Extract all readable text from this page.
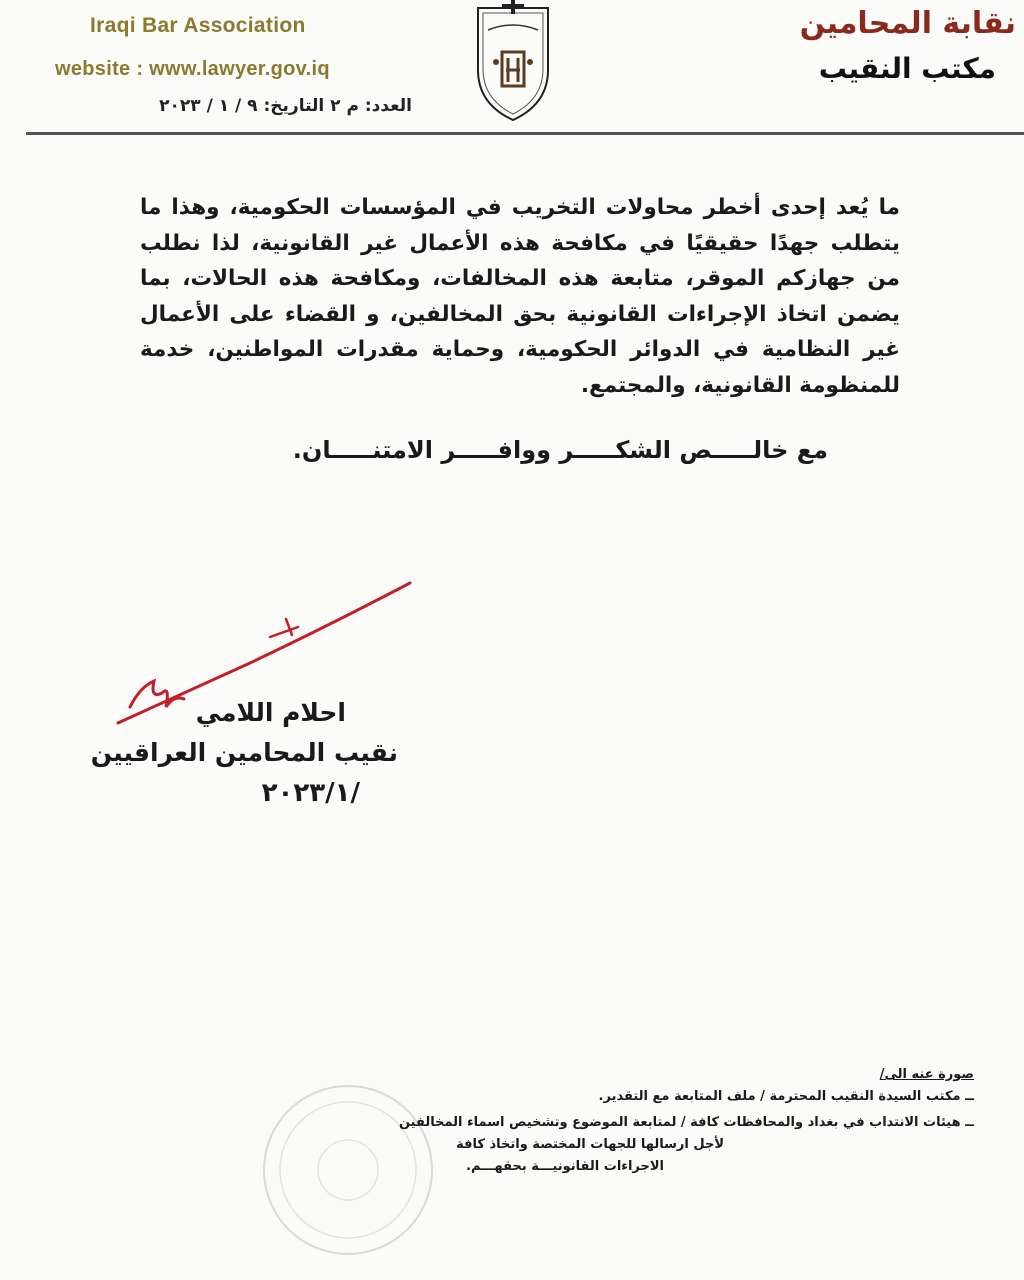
Iraqi Bar Association
website : www.lawyer.gov.iq
نقابة المحامين
مكتب النقيب
العدد: م ٢ التاريخ: ٩ / ١ / ٢٠٢٣
ما يُعد إحدى أخطر محاولات التخريب في المؤسسات الحكومية، وهذا ما يتطلب جهدًا حقيقيًا في مكافحة هذه الأعمال غير القانونية، لذا نطلب من جهازكم الموقر، متابعة هذه المخالفات، ومكافحة هذه الحالات، بما يضمن اتخاذ الإجراءات القانونية بحق المخالفين، و القضاء على الأعمال غير النظامية في الدوائر الحكومية، وحماية مقدرات المواطنين، خدمة للمنظومة القانونية، والمجتمع.
مع خالـــــص الشكـــــر ووافـــــر الامتنـــــان.
احلام اللامي
نقيب المحامين العراقيين
/٢٠٢٣/١
صورة عنه الى/
ــ مكتب السيدة النقيب المحترمة / ملف المتابعة مع التقدير.
ــ هيئات الانتداب في بغداد والمحافظات كافة / لمتابعة الموضوع وتشخيص اسماء المخالفين
لأجل ارسالها للجهات المختصة واتخاذ كافة
الاجراءات القانونيـــة بحقهـــم.
